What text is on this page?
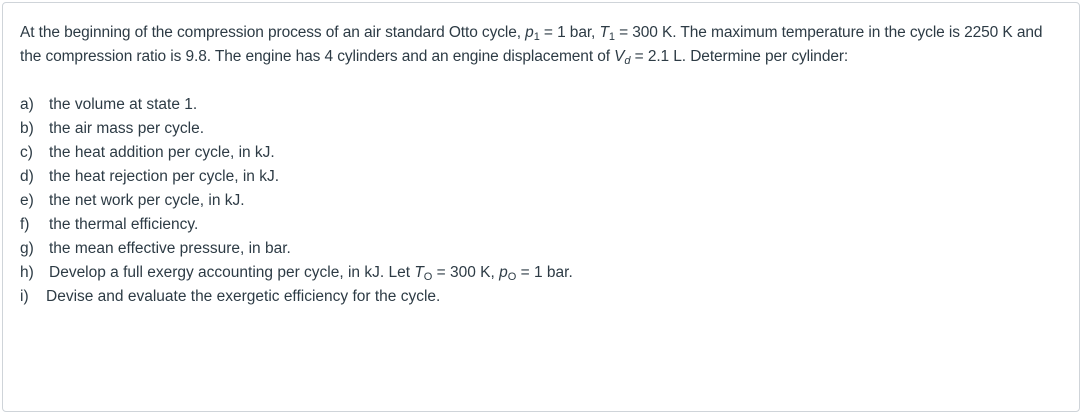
At the beginning of the compression process of an air standard Otto cycle, $p_1 = 1$ bar, $T_1 = 300$ K. The maximum temperature in the cycle is 2250 K and the compression ratio is 9.8. The engine has 4 cylinders and an engine displacement of $V_d = 2.1$ L. Determine per cylinder:

a) the volume at state 1.
b) the air mass per cycle.
c)	the heat addition per cycle, in kJ.
d) the heat rejection per cycle, in kJ.
e) the net work per cycle, in kJ.
f)	the thermal efficiency.
g) the mean effective pressure, in bar.
h) Develop a full exergy accounting per cycle, in kJ. Let $T_O = 300$ K, $p_O = 1$ bar.
i)	Devise and evaluate the exergetic efficiency for the cycle.
